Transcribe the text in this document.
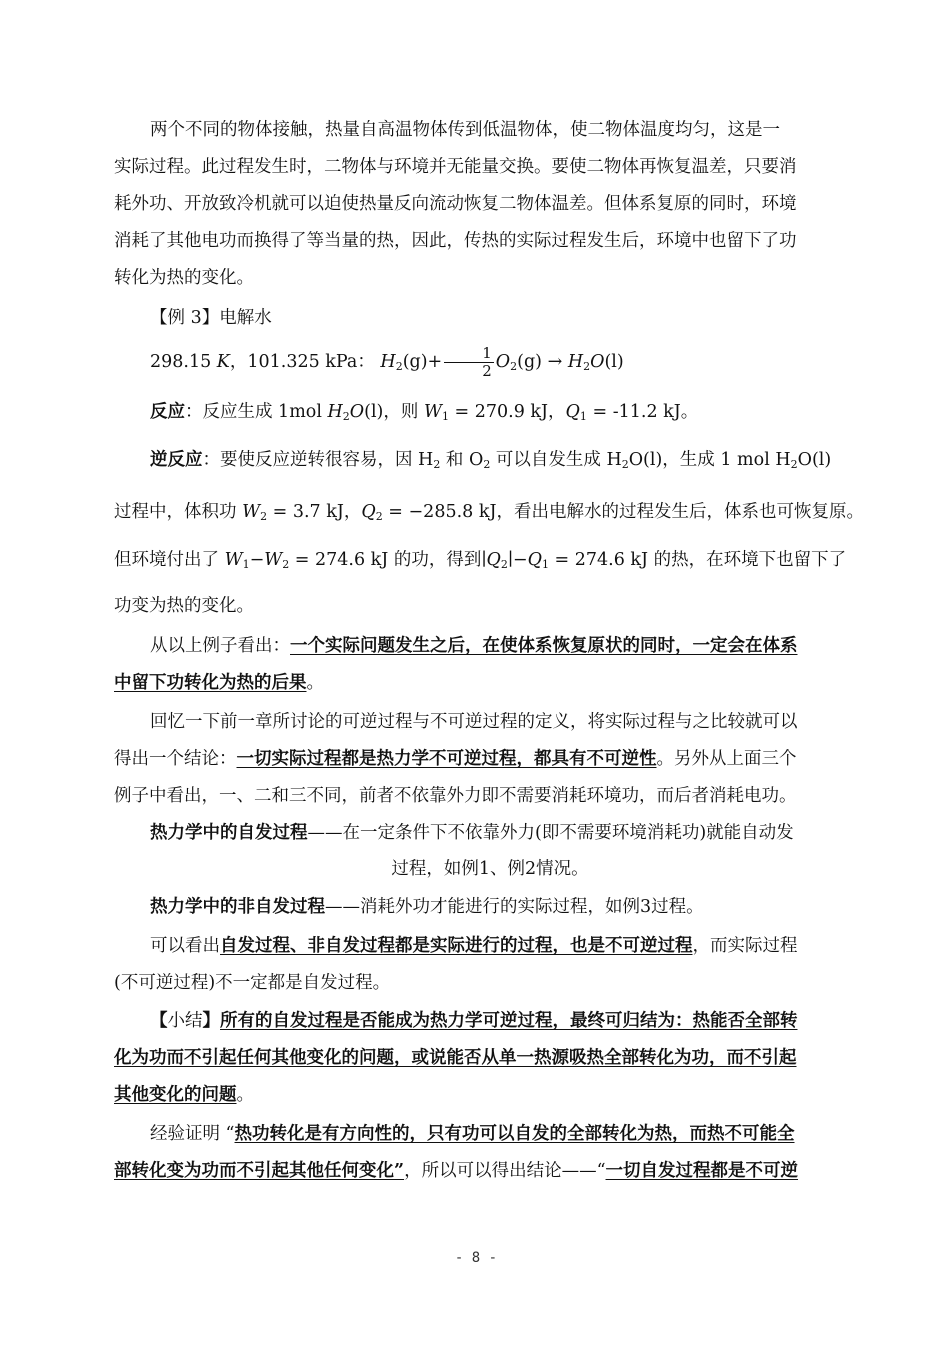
两个不同的物体接触，热量自高温物体传到低温物体，使二物体温度均匀，这是一
实际过程。此过程发生时，二物体与环境并无能量交换。要使二物体再恢复温差，只要消
耗外功、开放致冷机就可以迫使热量反向流动恢复二物体温差。但体系复原的同时，环境
消耗了其他电功而换得了等当量的热，因此，传热的实际过程发生后，环境中也留下了功
转化为热的变化。
【例 3】电解水
298.15 K，101.325 kPa： $H_2(g)+ \frac{1}{2} O_2(g) \to H_2O(l)$
反应：反应生成 1mol $H_2O(l)$，则 $W_1 = 270.9$ kJ，$Q_1 = -11.2$ kJ。
逆反应：要使反应逆转很容易，因 $H_2$ 和 $O_2$ 可以自发生成 $H_2O(l)$，生成 1 mol $H_2O(l)$
过程中，体积功 $W_2 = 3.7$ kJ，$Q_2 = -285.8$ kJ，看出电解水的过程发生后，体系也可恢复原。
但环境付出了 $W_1-W_2 = 274.6$ kJ 的功，得到$∣Q_2∣-Q_1 = 274.6$ kJ 的热，在环境下也留下了
功变为热的变化。
从以上例子看出：一个实际问题发生之后，在使体系恢复原状的同时，一定会在体系
中留下功转化为热的后果。
回忆一下前一章所讨论的可逆过程与不可逆过程的定义，将实际过程与之比较就可以
得出一个结论：一切实际过程都是热力学不可逆过程，都具有不可逆性。另外从上面三个
例子中看出，一、二和三不同，前者不依靠外力即不需要消耗环境功，而后者消耗电功。
热力学中的自发过程——在一定条件下不依靠外力(即不需要环境消耗功)就能自动发
过程，如例1、例2情况。
热力学中的非自发过程——消耗外功才能进行的实际过程，如例3过程。
可以看出自发过程、非自发过程都是实际进行的过程，也是不可逆过程，而实际过程
(不可逆过程)不一定都是自发过程。
【小结】所有的自发过程是否能成为热力学可逆过程，最终可归结为：热能否全部转
化为功而不引起任何其他变化的问题，或说能否从单一热源吸热全部转化为功，而不引起
其他变化的问题。
经验证明 “热功转化是有方向性的，只有功可以自发的全部转化为热，而热不可能全
部转化变为功而不引起其他任何变化”，所以可以得出结论——“一切自发过程都是不可逆
- 8 -
